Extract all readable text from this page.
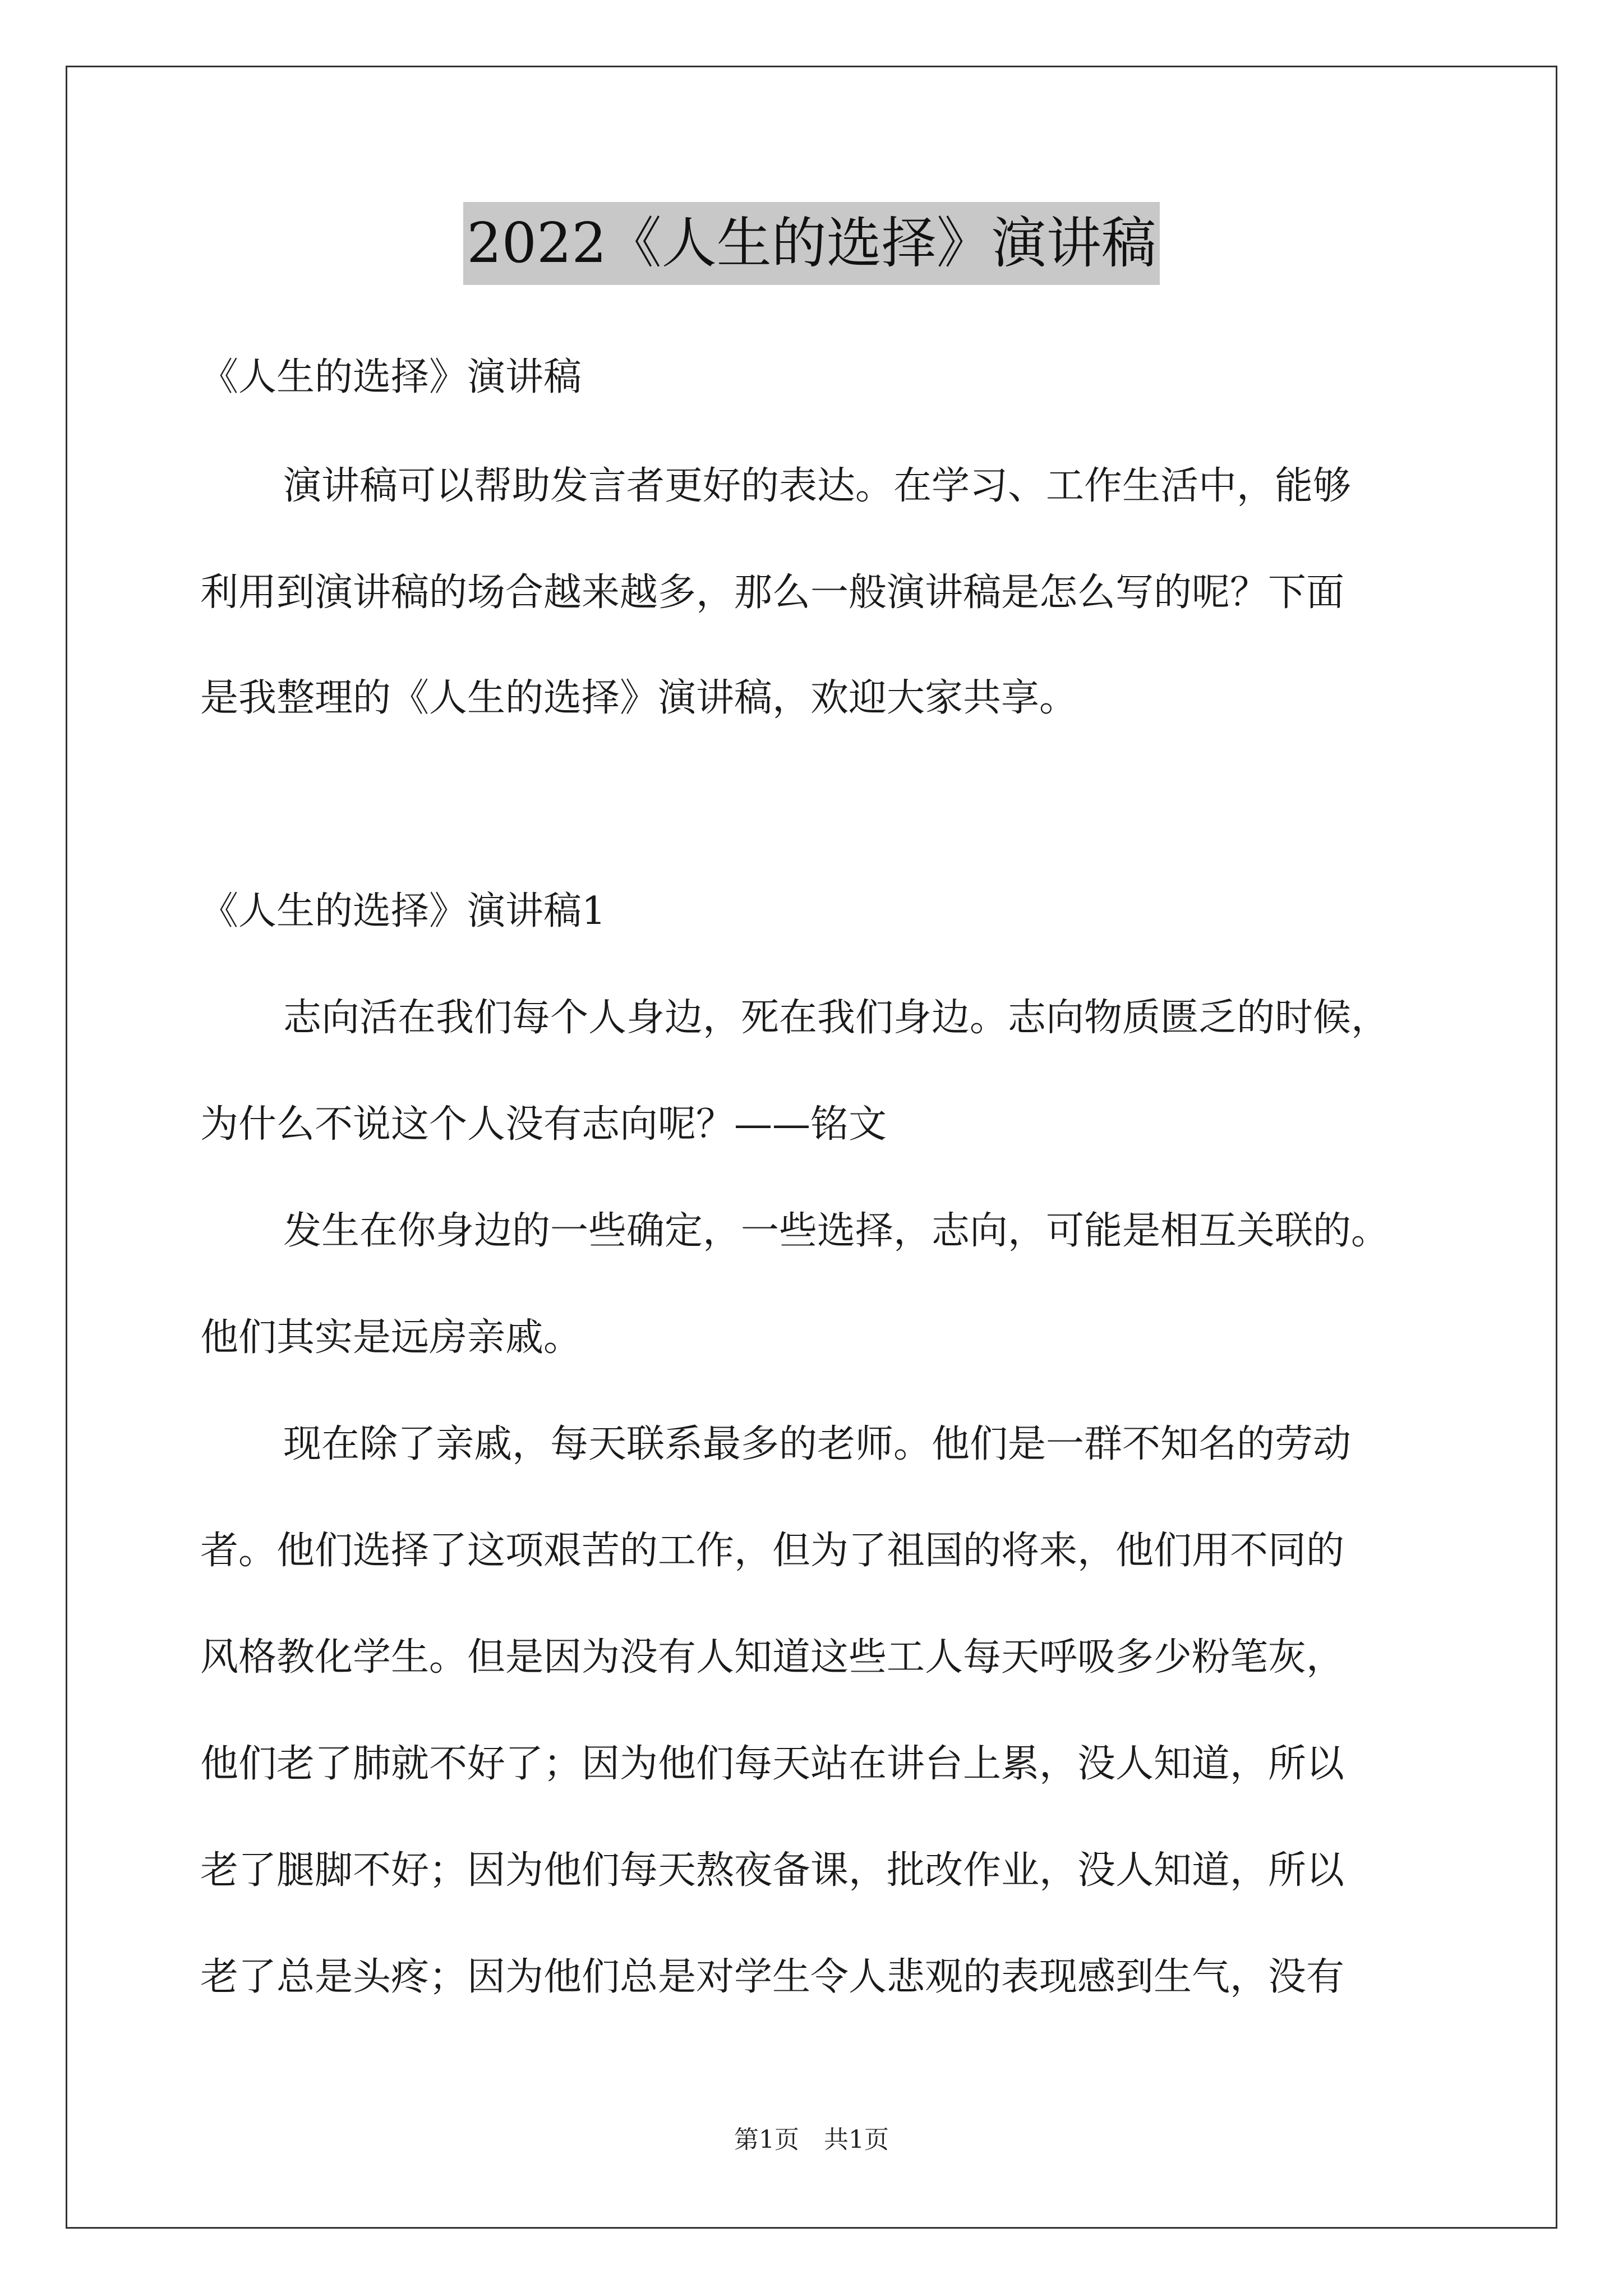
2022《人生的选择》演讲稿
《人生的选择》演讲稿
演讲稿可以帮助发言者更好的表达。在学习、工作生活中，能够
利用到演讲稿的场合越来越多，那么一般演讲稿是怎么写的呢？下面
是我整理的《人生的选择》演讲稿，欢迎大家共享。
《人生的选择》演讲稿1
志向活在我们每个人身边，死在我们身边。志向物质匮乏的时候，
为什么不说这个人没有志向呢？——铭文
发生在你身边的一些确定，一些选择，志向，可能是相互关联的。
他们其实是远房亲戚。
现在除了亲戚，每天联系最多的老师。他们是一群不知名的劳动
者。他们选择了这项艰苦的工作，但为了祖国的将来，他们用不同的
风格教化学生。但是因为没有人知道这些工人每天呼吸多少粉笔灰，
他们老了肺就不好了；因为他们每天站在讲台上累，没人知道，所以
老了腿脚不好；因为他们每天熬夜备课，批改作业，没人知道，所以
老了总是头疼；因为他们总是对学生令人悲观的表现感到生气，没有
第1页　共1页
